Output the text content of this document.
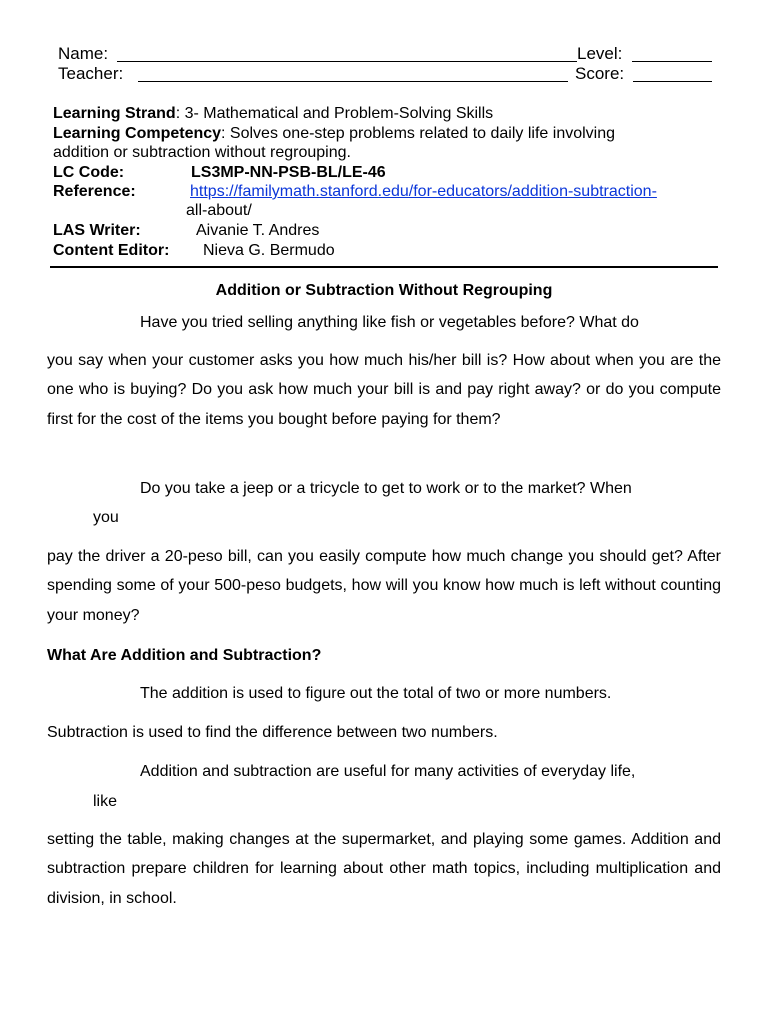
Name:	Level:
Teacher:	Score:
Learning Strand: 3- Mathematical and Problem-Solving Skills
Learning Competency: Solves one-step problems related to daily life involving
addition or subtraction without regrouping.
LC Code:	LS3MP-NN-PSB-BL/LE-46
Reference:	https://familymath.stanford.edu/for-educators/addition-subtraction-
all-about/
LAS Writer:	Aivanie T. Andres
Content Editor: Nieva G. Bermudo
Addition or Subtraction Without Regrouping
Have you tried selling anything like fish or vegetables before? What do
you say when your customer asks you how much his/her bill is? How about when you are the one who is buying? Do you ask how much your bill is and pay right away? or do you compute first for the cost of the items you bought before paying for them?
Do you take a jeep or a tricycle to get to work or to the market? When
you
pay the driver a 20-peso bill, can you easily compute how much change you should get? After spending some of your 500-peso budgets, how will you know how much is left without counting your money?
What Are Addition and Subtraction?
The addition is used to figure out the total of two or more numbers.
Subtraction is used to find the difference between two numbers.
Addition and subtraction are useful for many activities of everyday life,
like
setting the table, making changes at the supermarket, and playing some games. Addition and subtraction prepare children for learning about other math topics, including multiplication and division, in school.
